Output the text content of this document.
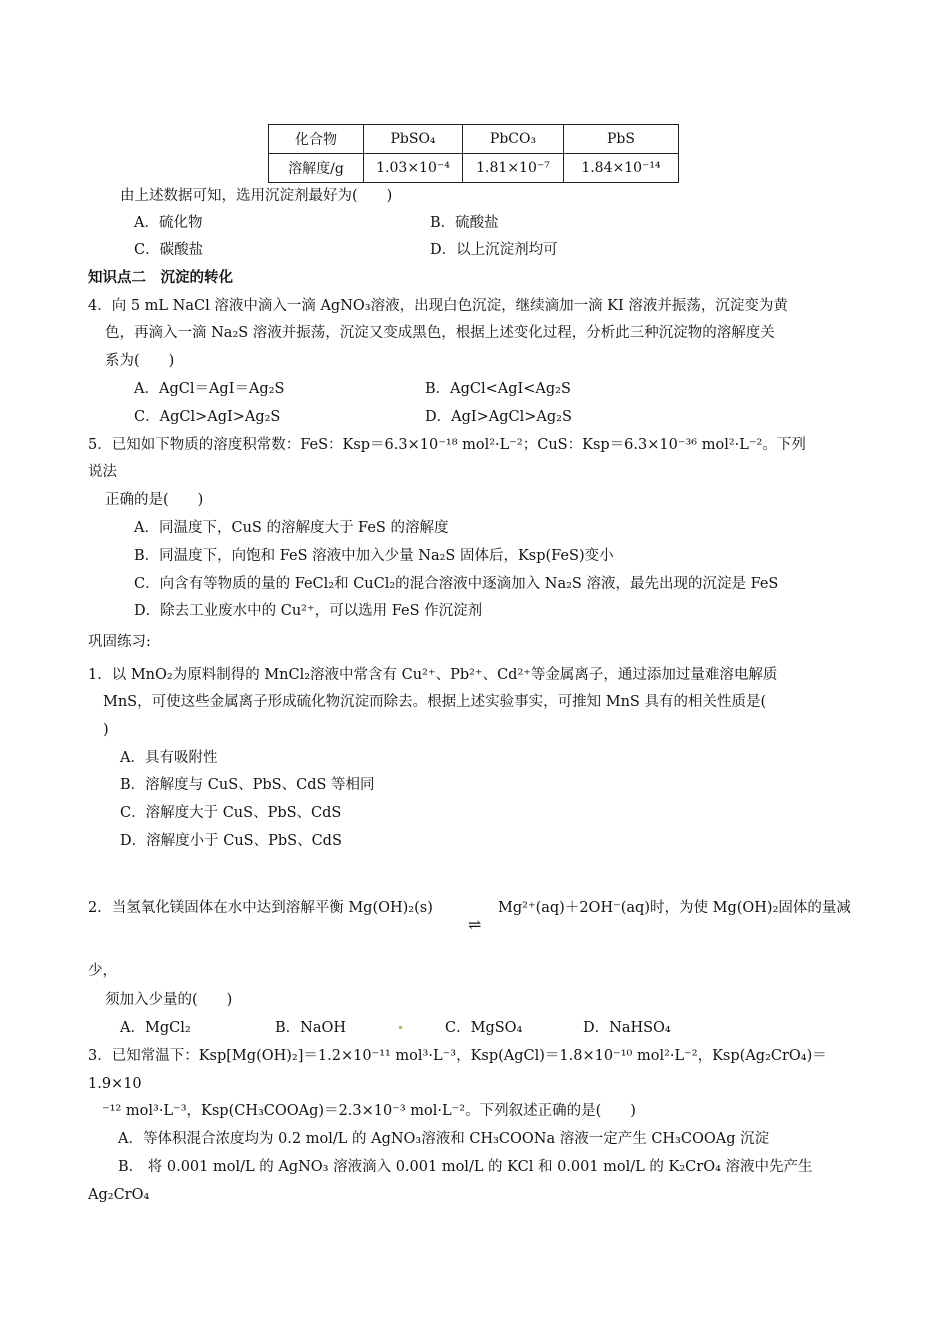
化合物	PbSO₄	PbCO₃	PbS
溶解度/g	1.03×10⁻⁴	1.81×10⁻⁷	1.84×10⁻¹⁴
由上述数据可知，选用沉淀剂最好为(　　)
A．硫化物	B．硫酸盐
C．碳酸盐	D．以上沉淀剂均可
知识点二　沉淀的转化
4．向 5 mL NaCl 溶液中滴入一滴 AgNO₃溶液，出现白色沉淀，继续滴加一滴 KI 溶液并振荡，沉淀变为黄
色，再滴入一滴 Na₂S 溶液并振荡，沉淀又变成黑色，根据上述变化过程，分析此三种沉淀物的溶解度关
系为(　　)
A．AgCl＝AgI＝Ag₂S	B．AgCl<AgI<Ag₂S
C．AgCl>AgI>Ag₂S	D．AgI>AgCl>Ag₂S
5．已知如下物质的溶度积常数：FeS：Ksp＝6.3×10⁻¹⁸ mol²·L⁻²；CuS：Ksp＝6.3×10⁻³⁶ mol²·L⁻²。下列
说法
正确的是(　　)
A．同温度下，CuS 的溶解度大于 FeS 的溶解度
B．同温度下，向饱和 FeS 溶液中加入少量 Na₂S 固体后，Ksp(FeS)变小
C．向含有等物质的量的 FeCl₂和 CuCl₂的混合溶液中逐滴加入 Na₂S 溶液，最先出现的沉淀是 FeS
D．除去工业废水中的 Cu²⁺，可以选用 FeS 作沉淀剂
巩固练习:
1．以 MnO₂为原料制得的 MnCl₂溶液中常含有 Cu²⁺、Pb²⁺、Cd²⁺等金属离子，通过添加过量难溶电解质
MnS，可使这些金属离子形成硫化物沉淀而除去。根据上述实验事实，可推知 MnS 具有的相关性质是(
)
A．具有吸附性
B．溶解度与 CuS、PbS、CdS 等相同
C．溶解度大于 CuS、PbS、CdS
D．溶解度小于 CuS、PbS、CdS
2．当氢氧化镁固体在水中达到溶解平衡 Mg(OH)₂(s)
⇌
Mg²⁺(aq)＋2OH⁻(aq)时，为使 Mg(OH)₂固体的量减
少，
须加入少量的(　　)
A．MgCl₂	B．NaOH	C．MgSO₄	D．NaHSO₄
3．已知常温下：Ksp[Mg(OH)₂]＝1.2×10⁻¹¹ mol³·L⁻³，Ksp(AgCl)＝1.8×10⁻¹⁰ mol²·L⁻²，Ksp(Ag₂CrO₄)＝
1.9×10
⁻¹² mol³·L⁻³，Ksp(CH₃COOAg)＝2.3×10⁻³ mol·L⁻²。下列叙述正确的是(　　)
A．等体积混合浓度均为 0.2 mol/L 的 AgNO₃溶液和 CH₃COONa 溶液一定产生 CH₃COOAg 沉淀
B． 将 0.001 mol/L 的 AgNO₃ 溶液滴入 0.001 mol/L 的 KCl 和 0.001 mol/L 的 K₂CrO₄ 溶液中先产生
Ag₂CrO₄
